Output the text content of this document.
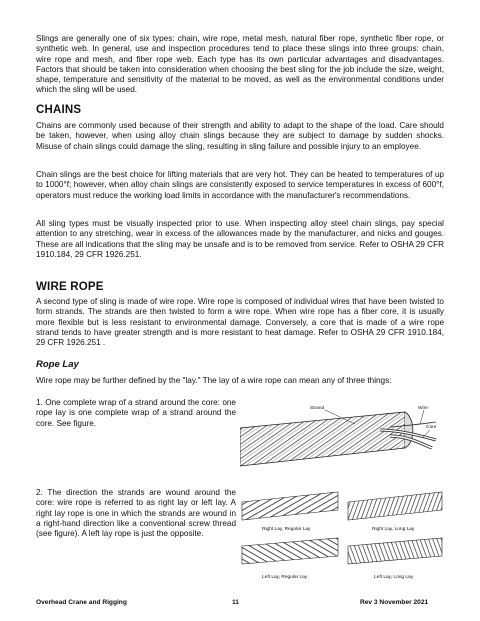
Slings are generally one of six types: chain, wire rope, metal mesh, natural fiber rope, synthetic fiber rope, or synthetic web. In general, use and inspection procedures tend to place these slings into three groups: chain, wire rope and mesh, and fiber rope web. Each type has its own particular advantages and disadvantages. Factors that should be taken into consideration when choosing the best sling for the job include the size, weight, shape, temperature and sensitivity of the material to be moved, as well as the environmental conditions under which the sling will be used.

CHAINS

Chains are commonly used because of their strength and ability to adapt to the shape of the load. Care should be taken, however, when using alloy chain slings because they are subject to damage by sudden shocks. Misuse of chain slings could damage the sling, resulting in sling failure and possible injury to an employee.

Chain slings are the best choice for lifting materials that are very hot. They can be heated to temperatures of up to 1000°f; however, when alloy chain slings are consistently exposed to service temperatures in excess of 600°f, operators must reduce the working load limits in accordance with the manufacturer's recommendations.

All sling types must be visually inspected prior to use. When inspecting alloy steel chain slings, pay special attention to any stretching, wear in excess of the allowances made by the manufacturer, and nicks and gouges. These are all indications that the sling may be unsafe and is to be removed from service. Refer to OSHA 29 CFR 1910.184, 29 CFR 1926.251.

WIRE ROPE

A second type of sling is made of wire rope. Wire rope is composed of individual wires that have been twisted to form strands. The strands are then twisted to form a wire rope. When wire rope has a fiber core, it is usually more flexible but is less resistant to environmental damage. Conversely, a core that is made of a wire rope strand tends to have greater strength and is more resistant to heat damage. Refer to OSHA 29 CFR 1910.184, 29 CFR 1926.251 .

Rope Lay

Wire rope may be further defined by the "lay." The lay of a wire rope can mean any of three things:

1. One complete wrap of a strand around the core: one rope lay is one complete wrap of a strand around the core. See figure.

Strand	Wire
Core

2. The direction the strands are wound around the core: wire rope is referred to as right lay or left lay. A right lay rope is one in which the strands are wound in a right-hand direction like a conventional screw thread (see figure). A left lay rope is just the opposite.	Right Lay, Regular Lay	Right Lay, Long Lay
Left Lay, Regular Lay	Left Lay, Long Lay
Overhead Crane and Rigging	11	Rev 3 November 2021
